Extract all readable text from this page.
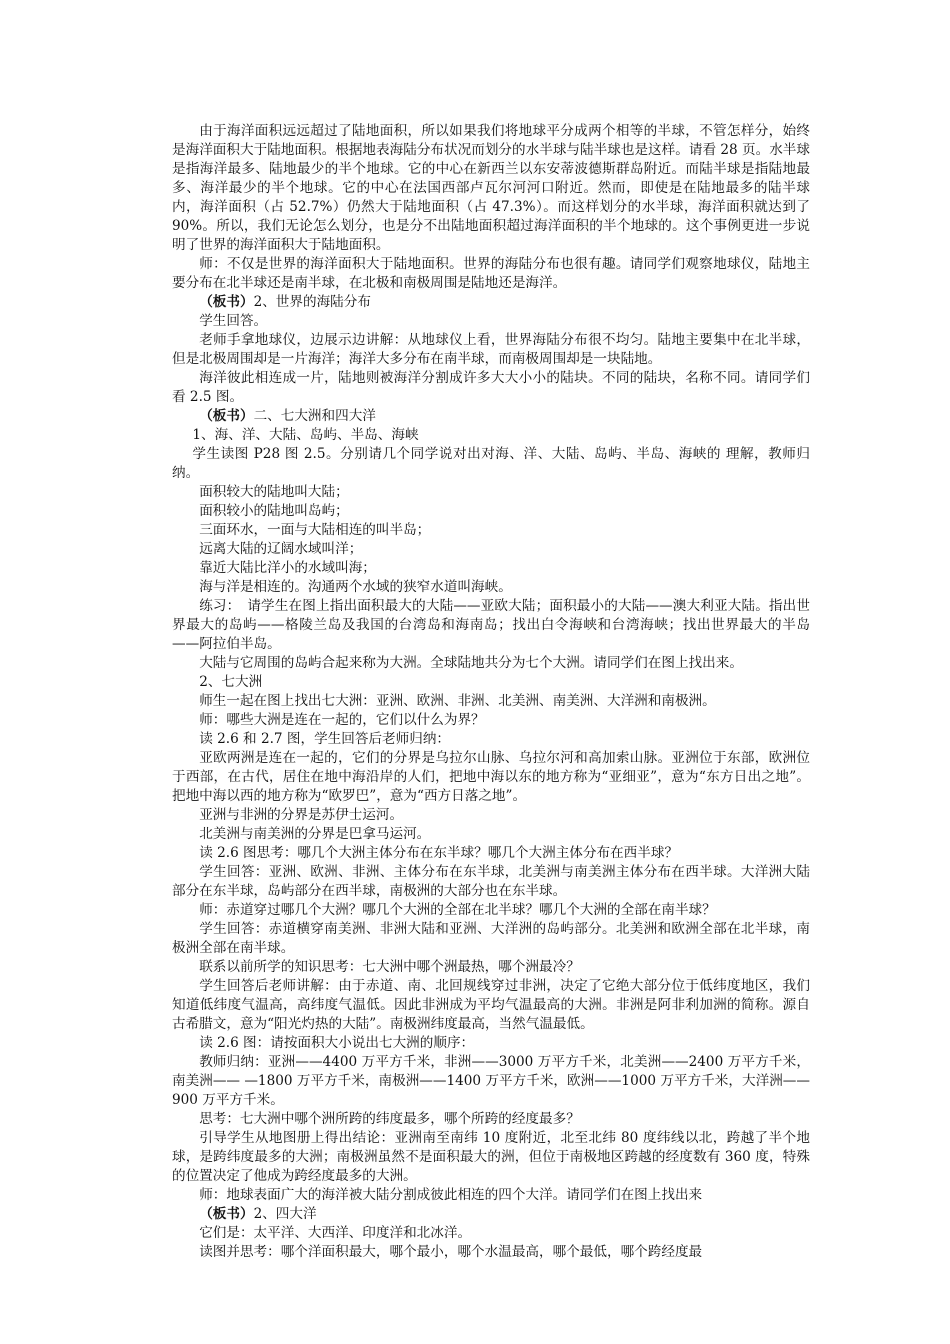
由于海洋面积远远超过了陆地面积，所以如果我们将地球平分成两个相等的半球，不管怎样分，始终是海洋面积大于陆地面积。根据地表海陆分布状况而划分的水半球与陆半球也是这样。请看 28 页。水半球是指海洋最多、陆地最少的半个地球。它的中心在新西兰以东安蒂波德斯群岛附近。而陆半球是指陆地最多、海洋最少的半个地球。它的中心在法国西部卢瓦尔河河口附近。然而，即使是在陆地最多的陆半球内，海洋面积（占 52.7%）仍然大于陆地面积（占 47.3%）。而这样划分的水半球，海洋面积就达到了 90%。所以，我们无论怎么划分，也是分不出陆地面积超过海洋面积的半个地球的。这个事例更进一步说明了世界的海洋面积大于陆地面积。

师：不仅是世界的海洋面积大于陆地面积。世界的海陆分布也很有趣。请同学们观察地球仪，陆地主要分布在北半球还是南半球，在北极和南极周围是陆地还是海洋。

（板书）2、世界的海陆分布

学生回答。

老师手拿地球仪，边展示边讲解：从地球仪上看，世界海陆分布很不均匀。陆地主要集中在北半球，但是北极周围却是一片海洋；海洋大多分布在南半球，而南极周围却是一块陆地。

海洋彼此相连成一片，陆地则被海洋分割成许多大大小小的陆块。不同的陆块，名称不同。请同学们看 2.5 图。

（板书）二、七大洲和四大洋

1、海、洋、大陆、岛屿、半岛、海峡

学生读图 P28 图 2.5。分别请几个同学说对出对海、洋、大陆、岛屿、半岛、海峡的 理解，教师归纳。

面积较大的陆地叫大陆；

面积较小的陆地叫岛屿；

三面环水，一面与大陆相连的叫半岛；

远离大陆的辽阔水域叫洋；

靠近大陆比洋小的水域叫海；

海与洋是相连的。沟通两个水域的狭窄水道叫海峡。

练习：　请学生在图上指出面积最大的大陆——亚欧大陆；面积最小的大陆——澳大利亚大陆。指出世界最大的岛屿——格陵兰岛及我国的台湾岛和海南岛；找出白令海峡和台湾海峡；找出世界最大的半岛——阿拉伯半岛。

大陆与它周围的岛屿合起来称为大洲。全球陆地共分为七个大洲。请同学们在图上找出来。

2、七大洲

师生一起在图上找出七大洲：亚洲、欧洲、非洲、北美洲、南美洲、大洋洲和南极洲。

师：哪些大洲是连在一起的，它们以什么为界？

读 2.6 和 2.7 图，学生回答后老师归纳：

亚欧两洲是连在一起的，它们的分界是乌拉尔山脉、乌拉尔河和高加索山脉。亚洲位于东部，欧洲位于西部，在古代，居住在地中海沿岸的人们，把地中海以东的地方称为“亚细亚”，意为“东方日出之地”。把地中海以西的地方称为“欧罗巴”，意为“西方日落之地”。

亚洲与非洲的分界是苏伊士运河。

北美洲与南美洲的分界是巴拿马运河。

读 2.6 图思考：哪几个大洲主体分布在东半球？哪几个大洲主体分布在西半球？

学生回答：亚洲、欧洲、非洲、主体分布在东半球，北美洲与南美洲主体分布在西半球。大洋洲大陆部分在东半球，岛屿部分在西半球，南极洲的大部分也在东半球。

师：赤道穿过哪几个大洲？哪几个大洲的全部在北半球？哪几个大洲的全部在南半球？

学生回答：赤道横穿南美洲、非洲大陆和亚洲、大洋洲的岛屿部分。北美洲和欧洲全部在北半球，南极洲全部在南半球。

联系以前所学的知识思考：七大洲中哪个洲最热，哪个洲最冷？

学生回答后老师讲解：由于赤道、南、北回规线穿过非洲，决定了它绝大部分位于低纬度地区，我们知道低纬度气温高，高纬度气温低。因此非洲成为平均气温最高的大洲。非洲是阿非利加洲的简称。源自古希腊文，意为“阳光灼热的大陆”。南极洲纬度最高，当然气温最低。

读 2.6 图：请按面积大小说出七大洲的顺序：

教师归纳：亚洲——4400 万平方千米，非洲——3000 万平方千米，北美洲——2400 万平方千米，南美洲—— —1800 万平方千米，南极洲——1400 万平方千米，欧洲——1000 万平方千米，大洋洲——900 万平方千米。

思考：七大洲中哪个洲所跨的纬度最多，哪个所跨的经度最多？

引导学生从地图册上得出结论：亚洲南至南纬 10 度附近，北至北纬 80 度纬线以北，跨越了半个地球，是跨纬度最多的大洲；南极洲虽然不是面积最大的洲，但位于南极地区跨越的经度数有 360 度，特殊的位置决定了他成为跨经度最多的大洲。

师：地球表面广大的海洋被大陆分割成彼此相连的四个大洋。请同学们在图上找出来

（板书）2、四大洋

它们是：太平洋、大西洋、印度洋和北冰洋。

读图并思考：哪个洋面积最大，哪个最小，哪个水温最高，哪个最低，哪个跨经度最
